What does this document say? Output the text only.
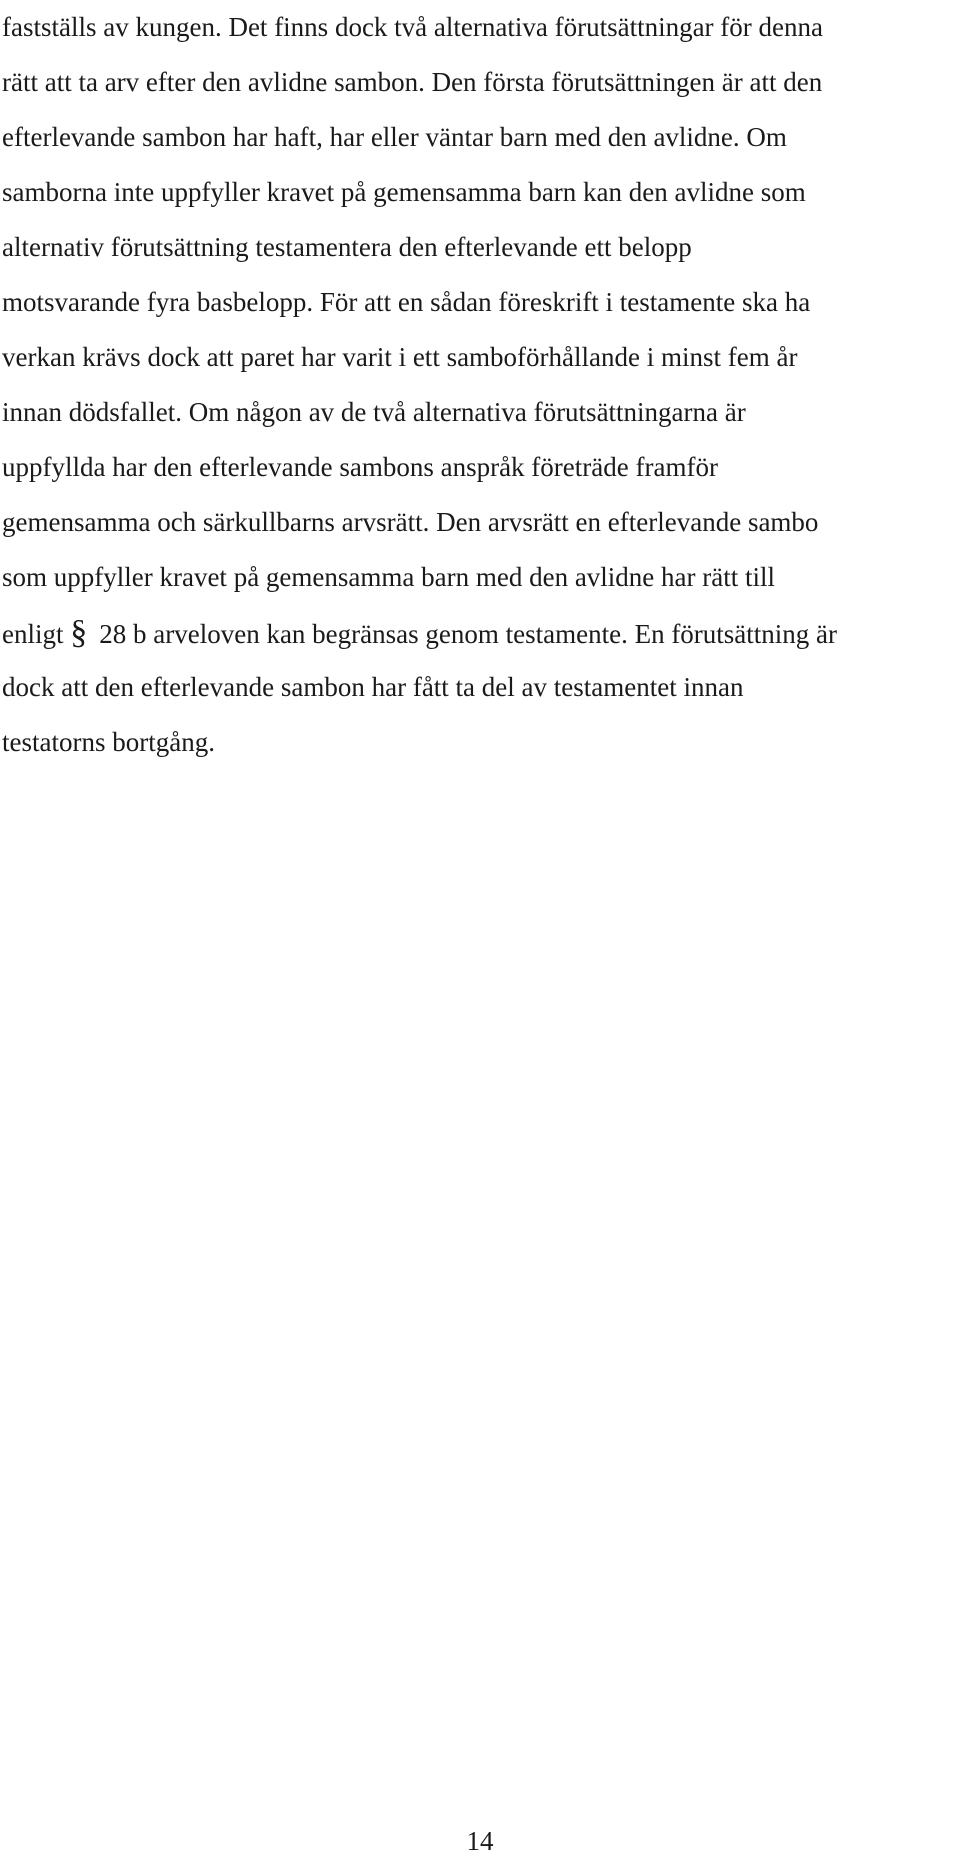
fastställs av kungen. Det finns dock två alternativa förutsättningar för denna
rätt att ta arv efter den avlidne sambon. Den första förutsättningen är att den
efterlevande sambon har haft, har eller väntar barn med den avlidne. Om
samborna inte uppfyller kravet på gemensamma barn kan den avlidne som
alternativ förutsättning testamentera den efterlevande ett belopp
motsvarande fyra basbelopp. För att en sådan föreskrift i testamente ska ha
verkan krävs dock att paret har varit i ett samboförhållande i minst fem år
innan dödsfallet. Om någon av de två alternativa förutsättningarna är
uppfyllda har den efterlevande sambons anspråk företräde framför
gemensamma och särkullbarns arvsrätt. Den arvsrätt en efterlevande sambo
som uppfyller kravet på gemensamma barn med den avlidne har rätt till
enligt § 28 b arveloven kan begränsas genom testamente. En förutsättning är
dock att den efterlevande sambon har fått ta del av testamentet innan
testatorns bortgång.
14
